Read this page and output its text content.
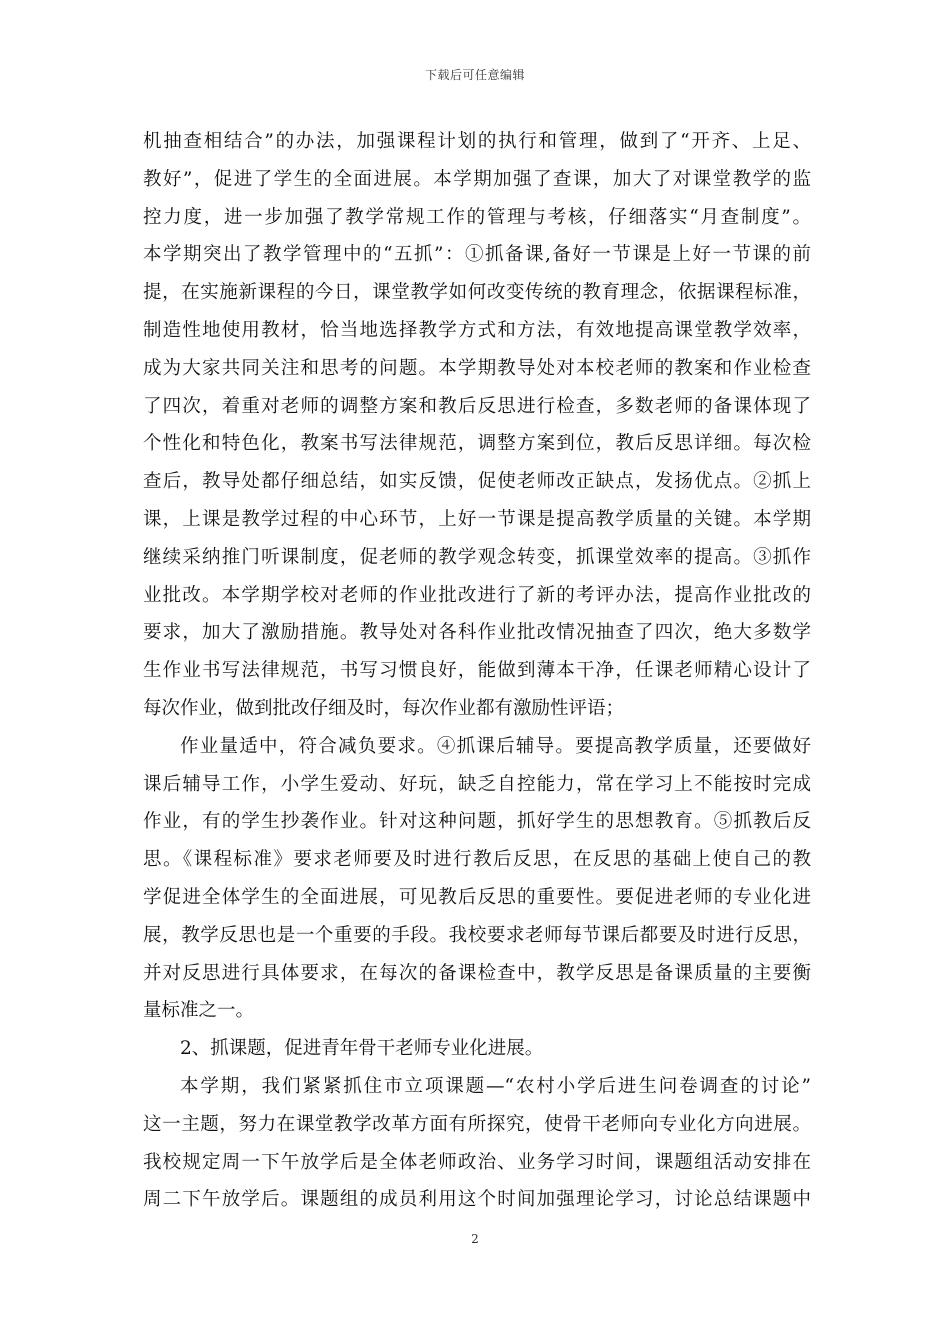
下载后可任意编辑
机抽查相结合”的办法，加强课程计划的执行和管理，做到了“开齐、上足、
教好”，促进了学生的全面进展。本学期加强了查课，加大了对课堂教学的监
控力度，进一步加强了教学常规工作的管理与考核，仔细落实“月查制度”。
本学期突出了教学管理中的“五抓”：①抓备课,备好一节课是上好一节课的前
提，在实施新课程的今日，课堂教学如何改变传统的教育理念，依据课程标准，
制造性地使用教材，恰当地选择教学方式和方法，有效地提高课堂教学效率，
成为大家共同关注和思考的问题。本学期教导处对本校老师的教案和作业检查
了四次，着重对老师的调整方案和教后反思进行检查，多数老师的备课体现了
个性化和特色化，教案书写法律规范，调整方案到位，教后反思详细。每次检
查后，教导处都仔细总结，如实反馈，促使老师改正缺点，发扬优点。②抓上
课，上课是教学过程的中心环节，上好一节课是提高教学质量的关键。本学期
继续采纳推门听课制度，促老师的教学观念转变，抓课堂效率的提高。③抓作
业批改。本学期学校对老师的作业批改进行了新的考评办法，提高作业批改的
要求，加大了激励措施。教导处对各科作业批改情况抽查了四次，绝大多数学
生作业书写法律规范，书写习惯良好，能做到薄本干净，任课老师精心设计了
每次作业，做到批改仔细及时，每次作业都有激励性评语；
作业量适中，符合减负要求。④抓课后辅导。要提高教学质量，还要做好
课后辅导工作，小学生爱动、好玩，缺乏自控能力，常在学习上不能按时完成
作业，有的学生抄袭作业。针对这种问题，抓好学生的思想教育。⑤抓教后反
思。《课程标准》要求老师要及时进行教后反思，在反思的基础上使自己的教
学促进全体学生的全面进展，可见教后反思的重要性。要促进老师的专业化进
展，教学反思也是一个重要的手段。我校要求老师每节课后都要及时进行反思，
并对反思进行具体要求，在每次的备课检查中，教学反思是备课质量的主要衡
量标准之一。
2、抓课题，促进青年骨干老师专业化进展。
本学期，我们紧紧抓住市立项课题—“农村小学后进生问卷调查的讨论”
这一主题，努力在课堂教学改革方面有所探究，使骨干老师向专业化方向进展。
我校规定周一下午放学后是全体老师政治、业务学习时间，课题组活动安排在
周二下午放学后。课题组的成员利用这个时间加强理论学习，讨论总结课题中
2
